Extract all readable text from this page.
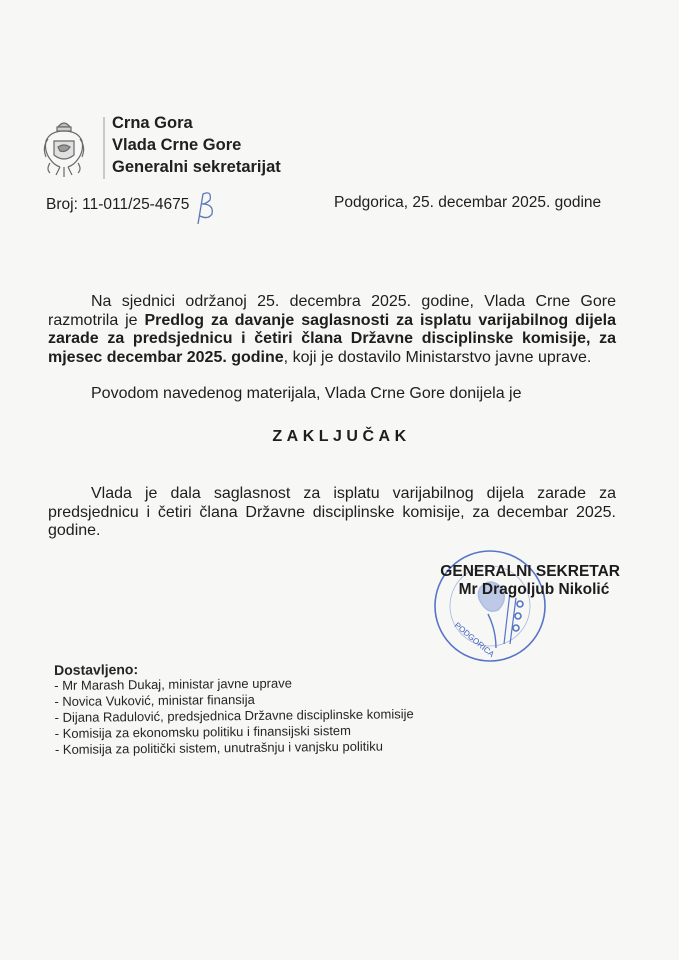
Crna Gora
Vlada Crne Gore
Generalni sekretarijat
Broj: 11-011/25-4675	Podgorica, 25. decembar 2025. godine
Na sjednici održanoj 25. decembra 2025. godine, Vlada Crne Gore razmotrila je Predlog za davanje saglasnosti za isplatu varijabilnog dijela zarade za predsjednicu i četiri člana Državne disciplinske komisije, za mjesec decembar 2025. godine, koji je dostavilo Ministarstvo javne uprave.
Povodom navedenog materijala, Vlada Crne Gore donijela je
ZAKLJUČAK
Vlada je dala saglasnost za isplatu varijabilnog dijela zarade za predsjednicu i četiri člana Državne disciplinske komisije, za decembar 2025. godine.
PODGORICA
GENERALNI SEKRETAR
Mr Dragoljub Nikolić
Dostavljeno:
- Mr Marash Dukaj, ministar javne uprave
- Novica Vuković, ministar finansija
- Dijana Radulović, predsjednica Državne disciplinske komisije
- Komisija za ekonomsku politiku i finansijski sistem
- Komisija za politički sistem, unutrašnju i vanjsku politiku
